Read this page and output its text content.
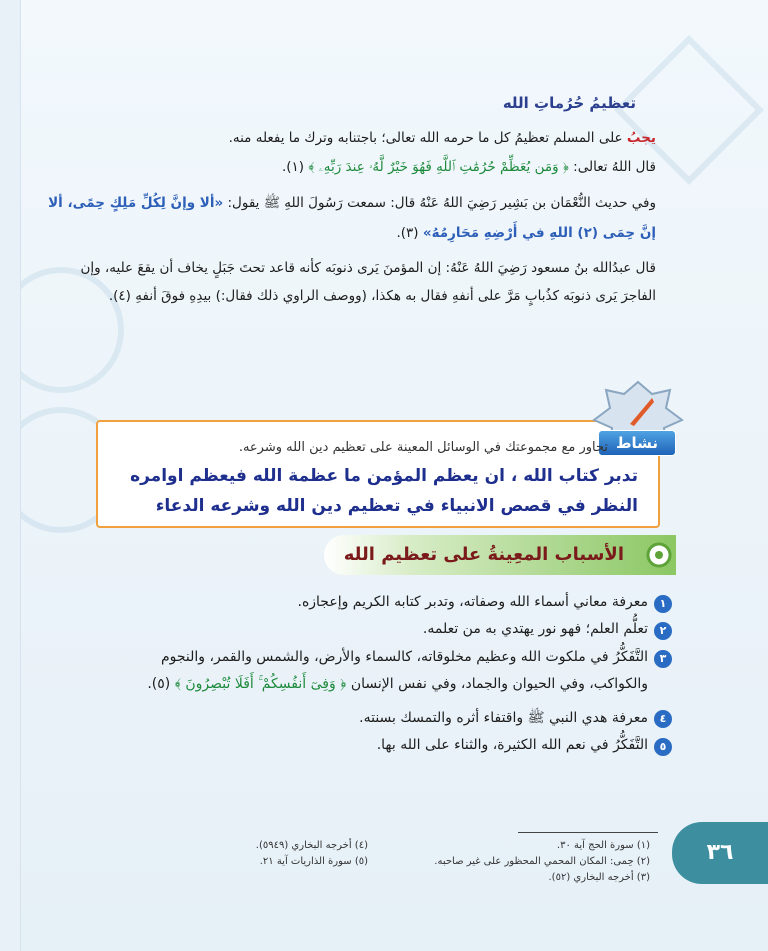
تعظيمُ حُرُماتِ الله
يجبُ على المسلم تعظيمُ كل ما حرمه الله تعالى؛ باجتنابه وترك ما يفعله منه.
قال اللهُ تعالى: ﴿ وَمَن يُعَظِّمْ حُرُمَٰتِ ٱللَّهِ فَهُوَ خَيْرٌ لَّهُۥ عِندَ رَبِّهِۦ ﴾ (١).
وفي حديث النُّعْمَان بن بَشِير رَضِيَ اللهُ عَنْهُ قال: سمعت رَسُولَ اللهِ ﷺ يقول: «ألا وإنَّ لِكُلِّ مَلِكٍ حِمًى، ألا
إنَّ حِمَى (٢) اللهِ في أَرْضِهِ مَحَارِمُهُ» (٣).
قال عبدُالله بنُ مسعود رَضِيَ اللهُ عَنْهُ: إن المؤمنَ يَرى ذنوبَه كأنه قاعد تحتَ جَبَلٍ يخاف أن يقعَ عليه، وإن
الفاجرَ يَرى ذنوبَه كذُبابٍ مَرَّ على أنفهِ فقال به هكذا، (ووصف الراوي ذلك فقال:) بيدِهِ فوقَ أنفهِ (٤).
نشاط
تحاور مع مجموعتك في الوسائل المعينة على تعظيم دين الله وشرعه.
تدبر كتاب الله ، ان يعظم المؤمن ما عظمة الله فيعظم اوامره
النظر في قصص الانبياء في تعظيم دين الله وشرعه الدعاء
الأسباب المعِينةُ على تعظيم الله
١
معرفة معاني أسماء الله وصفاته، وتدبر كتابه الكريم وإعجازه.
٢
تعلُّم العلم؛ فهو نور يهتدي به من تعلمه.
٣
التَّفَكُّرُ في ملكوت الله وعظيم مخلوقاته، كالسماء والأرض، والشمس والقمر، والنجوم
والكواكب، وفي الحيوان والجماد، وفي نفس الإنسان ﴿ وَفِىٓ أَنفُسِكُمْ ۚ أَفَلَا تُبْصِرُونَ ﴾ (٥).
٤
معرفة هدي النبي ﷺ واقتفاء أثره والتمسك بسنته.
٥
التَّفَكُّرُ في نعم الله الكثيرة، والثناء على الله بها.
(١) سورة الحج آية ٣٠.
(٢) حِمى: المكان المحمي المحظور على غير صاحبه.
(٣) أخرجه البخاري (٥٢).
(٤) أخرجه البخاري (٥٩٤٩).
(٥) سورة الذاريات آية ٢١.	٣٦
